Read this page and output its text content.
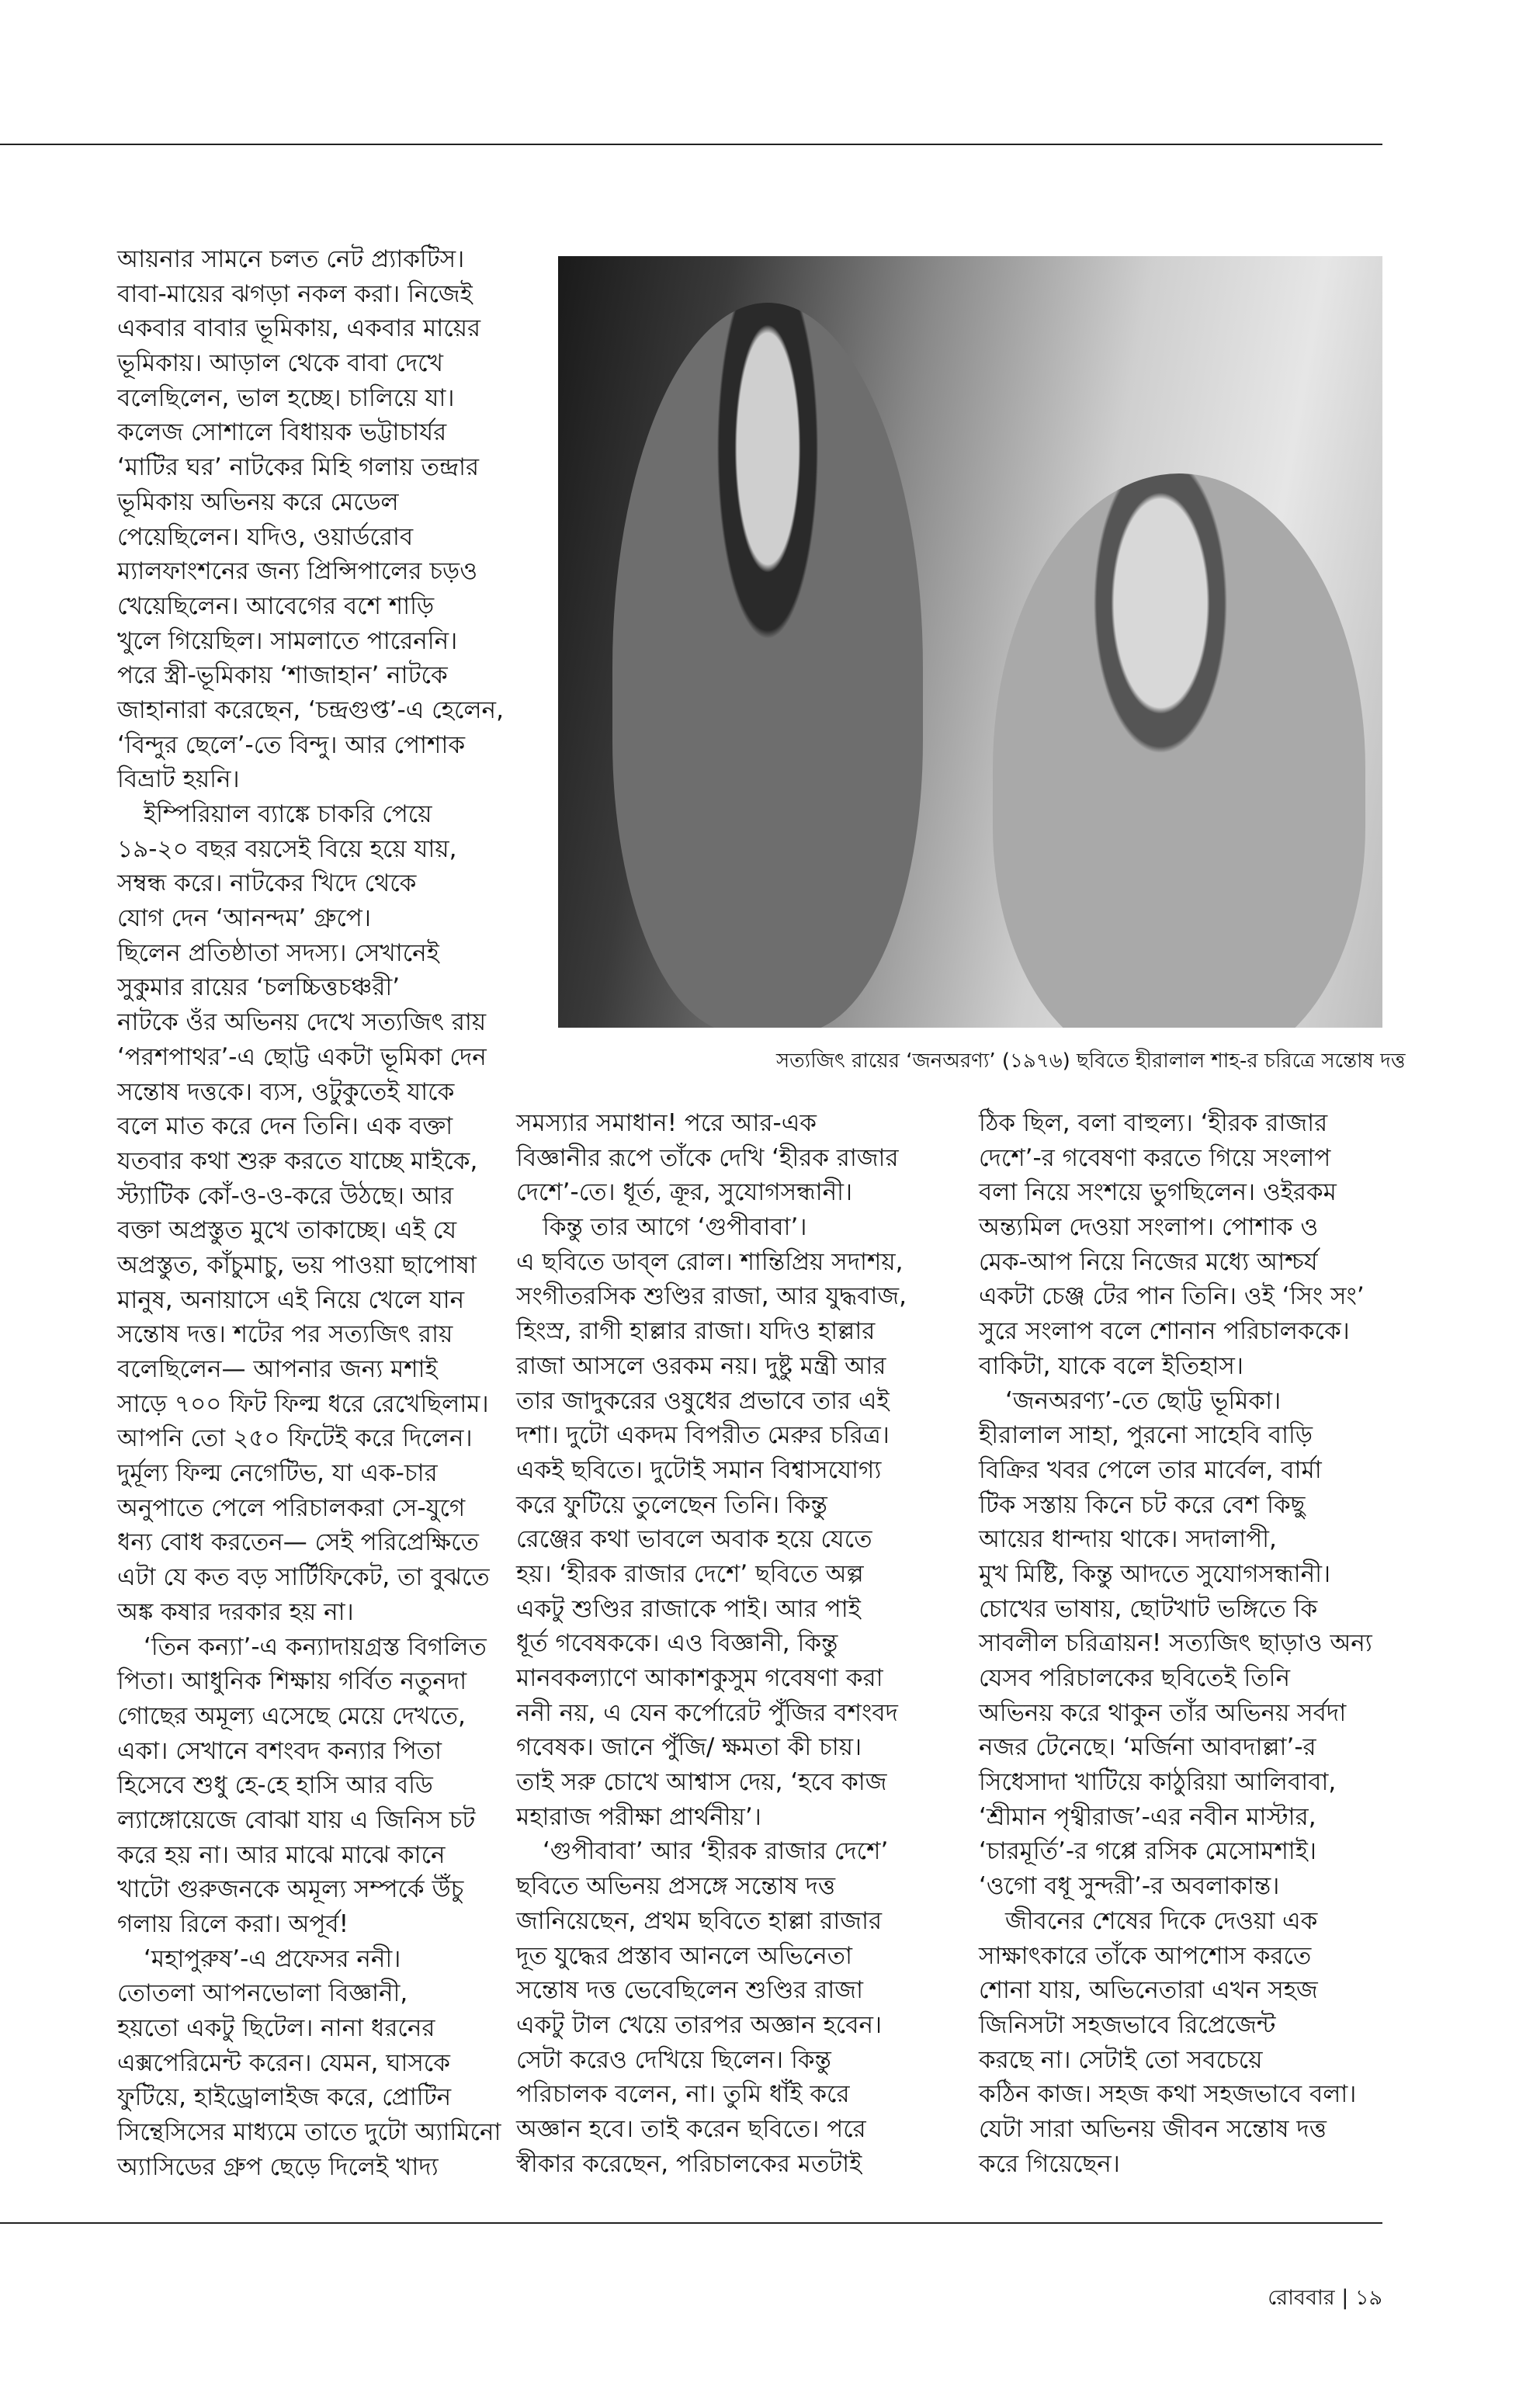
আয়নার সামনে চলত নেট প্র্যাকটিস।
বাবা-মায়ের ঝগড়া নকল করা। নিজেই
একবার বাবার ভূমিকায়, একবার মায়ের
ভূমিকায়। আড়াল থেকে বাবা দেখে
বলেছিলেন, ভাল হচ্ছে। চালিয়ে যা।
কলেজ সোশালে বিধায়ক ভট্টাচার্যর
‘মাটির ঘর’ নাটকের মিহি গলায় তন্দ্রার
ভূমিকায় অভিনয় করে মেডেল
পেয়েছিলেন। যদিও, ওয়ার্ডরোব
ম্যালফাংশনের জন্য প্রিন্সিপালের চড়ও
খেয়েছিলেন। আবেগের বশে শাড়ি
খুলে গিয়েছিল। সামলাতে পারেননি।
পরে স্ত্রী-ভূমিকায় ‘শাজাহান’ নাটকে
জাহানারা করেছেন, ‘চন্দ্রগুপ্ত’-এ হেলেন,
‘বিন্দুর ছেলে’-তে বিন্দু। আর পোশাক
বিভ্রাট হয়নি।
ইম্পিরিয়াল ব্যাঙ্কে চাকরি পেয়ে
১৯-২০ বছর বয়সেই বিয়ে হয়ে যায়,
সম্বন্ধ করে। নাটকের খিদে থেকে
যোগ দেন ‘আনন্দম’ গ্রুপে।
ছিলেন প্রতিষ্ঠাতা সদস্য। সেখানেই
সুকুমার রায়ের ‘চলচ্চিত্তচঞ্চরী’
নাটকে ওঁর অভিনয় দেখে সত্যজিৎ রায়
‘পরশপাথর’-এ ছোট্ট একটা ভূমিকা দেন
সন্তোষ দত্তকে। ব্যস, ওটুকুতেই যাকে
বলে মাত করে দেন তিনি। এক বক্তা
যতবার কথা শুরু করতে যাচ্ছে মাইকে,
স্ট্যাটিক কোঁ-ও-ও-করে উঠছে। আর
বক্তা অপ্রস্তুত মুখে তাকাচ্ছে। এই যে
অপ্রস্তুত, কাঁচুমাচু, ভয় পাওয়া ছাপোষা
মানুষ, অনায়াসে এই নিয়ে খেলে যান
সন্তোষ দত্ত। শটের পর সত্যজিৎ রায়
বলেছিলেন— আপনার জন্য মশাই
সাড়ে ৭০০ ফিট ফিল্ম ধরে রেখেছিলাম।
আপনি তো ২৫০ ফিটেই করে দিলেন।
দুর্মূল্য ফিল্ম নেগেটিভ, যা এক-চার
অনুপাতে পেলে পরিচালকরা সে-যুগে
ধন্য বোধ করতেন— সেই পরিপ্রেক্ষিতে
এটা যে কত বড় সার্টিফিকেট, তা বুঝতে
অঙ্ক কষার দরকার হয় না।
‘তিন কন্যা’-এ কন্যাদায়গ্রস্ত বিগলিত
পিতা। আধুনিক শিক্ষায় গর্বিত নতুনদা
গোছের অমূল্য এসেছে মেয়ে দেখতে,
একা। সেখানে বশংবদ কন্যার পিতা
হিসেবে শুধু হে-হে হাসি আর বডি
ল্যাঙ্গোয়েজে বোঝা যায় এ জিনিস চট
করে হয় না। আর মাঝে মাঝে কানে
খাটো গুরুজনকে অমূল্য সম্পর্কে উঁচু
গলায় রিলে করা। অপূর্ব!
‘মহাপুরুষ’-এ প্রফেসর ননী।
তোতলা আপনভোলা বিজ্ঞানী,
হয়তো একটু ছিটেল। নানা ধরনের
এক্সপেরিমেন্ট করেন। যেমন, ঘাসকে
ফুটিয়ে, হাইড্রোলাইজ করে, প্রোটিন
সিন্থেসিসের মাধ্যমে তাতে দুটো অ্যামিনো
অ্যাসিডের গ্রুপ ছেড়ে দিলেই খাদ্য
সত্যজিৎ রায়ের ‘জনঅরণ্য’ (১৯৭৬) ছবিতে হীরালাল শাহ-র চরিত্রে সন্তোষ দত্ত
সমস্যার সমাধান! পরে আর-এক
বিজ্ঞানীর রূপে তাঁকে দেখি ‘হীরক রাজার
দেশে’-তে। ধূর্ত, ক্রূর, সুযোগসন্ধানী।
কিন্তু তার আগে ‘গুপীবাবা’।
এ ছবিতে ডাব্‌ল রোল। শান্তিপ্রিয় সদাশয়,
সংগীতরসিক শুণ্ডির রাজা, আর যুদ্ধবাজ,
হিংস্র, রাগী হাল্লার রাজা। যদিও হাল্লার
রাজা আসলে ওরকম নয়। দুষ্টু মন্ত্রী আর
তার জাদুকরের ওষুধের প্রভাবে তার এই
দশা। দুটো একদম বিপরীত মেরুর চরিত্র।
একই ছবিতে। দুটোই সমান বিশ্বাসযোগ্য
করে ফুটিয়ে তুলেছেন তিনি। কিন্তু
রেঞ্জের কথা ভাবলে অবাক হয়ে যেতে
হয়। ‘হীরক রাজার দেশে’ ছবিতে অল্প
একটু শুণ্ডির রাজাকে পাই। আর পাই
ধূর্ত গবেষককে। এও বিজ্ঞানী, কিন্তু
মানবকল্যাণে আকাশকুসুম গবেষণা করা
ননী নয়, এ যেন কর্পোরেট পুঁজির বশংবদ
গবেষক। জানে পুঁজি/ ক্ষমতা কী চায়।
তাই সরু চোখে আশ্বাস দেয়, ‘হবে কাজ
মহারাজ পরীক্ষা প্রার্থনীয়’।
‘গুপীবাবা’ আর ‘হীরক রাজার দেশে’
ছবিতে অভিনয় প্রসঙ্গে সন্তোষ দত্ত
জানিয়েছেন, প্রথম ছবিতে হাল্লা রাজার
দূত যুদ্ধের প্রস্তাব আনলে অভিনেতা
সন্তোষ দত্ত ভেবেছিলেন শুণ্ডির রাজা
একটু টাল খেয়ে তারপর অজ্ঞান হবেন।
সেটা করেও দেখিয়ে ছিলেন। কিন্তু
পরিচালক বলেন, না। তুমি ধাঁই করে
অজ্ঞান হবে। তাই করেন ছবিতে। পরে
স্বীকার করেছেন, পরিচালকের মতটাই
ঠিক ছিল, বলা বাহুল্য। ‘হীরক রাজার
দেশে’-র গবেষণা করতে গিয়ে সংলাপ
বলা নিয়ে সংশয়ে ভুগছিলেন। ওইরকম
অন্ত্যমিল দেওয়া সংলাপ। পোশাক ও
মেক-আপ নিয়ে নিজের মধ্যে আশ্চর্য
একটা চেঞ্জ টের পান তিনি। ওই ‘সিং সং’
সুরে সংলাপ বলে শোনান পরিচালককে।
বাকিটা, যাকে বলে ইতিহাস।
‘জনঅরণ্য’-তে ছোট্ট ভূমিকা।
হীরালাল সাহা, পুরনো সাহেবি বাড়ি
বিক্রির খবর পেলে তার মার্বেল, বার্মা
টিক সস্তায় কিনে চট করে বেশ কিছু
আয়ের ধান্দায় থাকে। সদালাপী,
মুখ মিষ্টি, কিন্তু আদতে সুযোগসন্ধানী।
চোখের ভাষায়, ছোটখাট ভঙ্গিতে কি
সাবলীল চরিত্রায়ন! সত্যজিৎ ছাড়াও অন্য
যেসব পরিচালকের ছবিতেই তিনি
অভিনয় করে থাকুন তাঁর অভিনয় সর্বদা
নজর টেনেছে। ‘মর্জিনা আবদাল্লা’-র
সিধেসাদা খাটিয়ে কাঠুরিয়া আলিবাবা,
‘শ্রীমান পৃথ্বীরাজ’-এর নবীন মাস্টার,
‘চারমূর্তি’-র গপ্পে রসিক মেসোমশাই।
‘ওগো বধূ সুন্দরী’-র অবলাকান্ত।
জীবনের শেষের দিকে দেওয়া এক
সাক্ষাৎকারে তাঁকে আপশোস করতে
শোনা যায়, অভিনেতারা এখন সহজ
জিনিসটা সহজভাবে রিপ্রেজেন্ট
করছে না। সেটাই তো সবচেয়ে
কঠিন কাজ। সহজ কথা সহজভাবে বলা।
যেটা সারা অভিনয় জীবন সন্তোষ দত্ত
করে গিয়েছেন।
রোববার | ১৯
